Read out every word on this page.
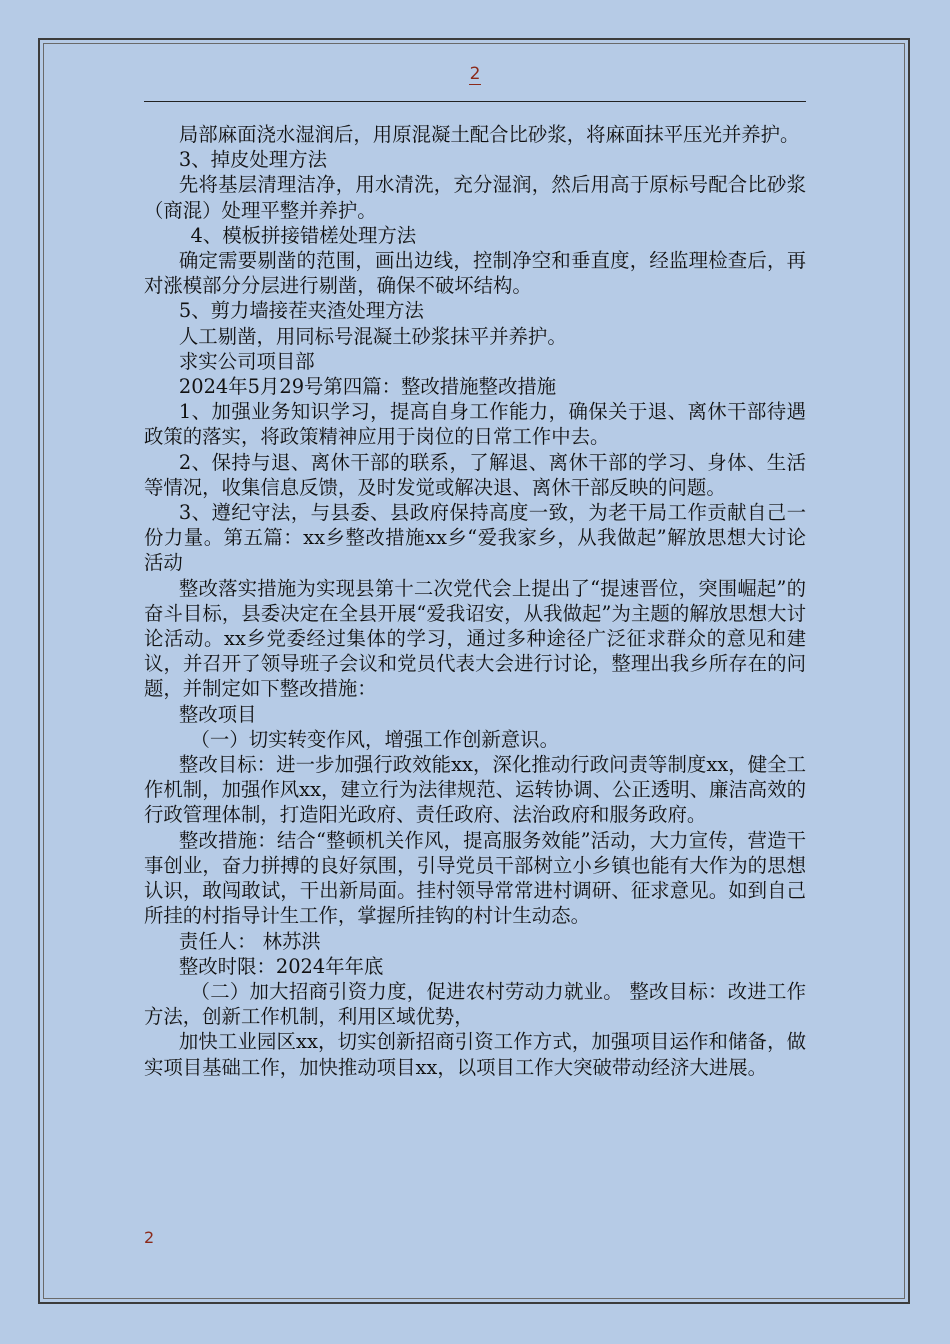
2

局部麻面浇水湿润后，用原混凝土配合比砂浆，将麻面抹平压光并养护。

3、掉皮处理方法

先将基层清理洁净，用水清洗，充分湿润，然后用高于原标号配合比砂浆（商混）处理平整并养护。

4、模板拼接错槎处理方法

确定需要剔凿的范围，画出边线，控制净空和垂直度，经监理检查后，再对涨模部分分层进行剔凿，确保不破坏结构。

5、剪力墙接茬夹渣处理方法

人工剔凿，用同标号混凝土砂浆抹平并养护。

求实公司项目部

2024年5月29号第四篇：整改措施整改措施

1、加强业务知识学习，提高自身工作能力，确保关于退、离休干部待遇政策的落实，将政策精神应用于岗位的日常工作中去。

2、保持与退、离休干部的联系，了解退、离休干部的学习、身体、生活等情况，收集信息反馈，及时发觉或解决退、离休干部反映的问题。

3、遵纪守法，与县委、县政府保持高度一致，为老干局工作贡献自己一份力量。第五篇：xx乡整改措施xx乡“爱我家乡，从我做起”解放思想大讨论活动

整改落实措施为实现县第十二次党代会上提出了“提速晋位，突围崛起”的奋斗目标，县委决定在全县开展“爱我诏安，从我做起”为主题的解放思想大讨论活动。xx乡党委经过集体的学习，通过多种途径广泛征求群众的意见和建议，并召开了领导班子会议和党员代表大会进行讨论，整理出我乡所存在的问题，并制定如下整改措施：

整改项目

（一）切实转变作风，增强工作创新意识。

整改目标：进一步加强行政效能xx，深化推动行政问责等制度xx，健全工作机制，加强作风xx，建立行为法律规范、运转协调、公正透明、廉洁高效的行政管理体制，打造阳光政府、责任政府、法治政府和服务政府。

整改措施：结合“整顿机关作风，提高服务效能”活动，大力宣传，营造干事创业，奋力拼搏的良好氛围，引导党员干部树立小乡镇也能有大作为的思想认识，敢闯敢试，干出新局面。挂村领导常常进村调研、征求意见。如到自己所挂的村指导计生工作，掌握所挂钩的村计生动态。

责任人： 林苏洪

整改时限：2024年年底

（二）加大招商引资力度，促进农村劳动力就业。 整改目标：改进工作方法，创新工作机制，利用区域优势，

加快工业园区xx，切实创新招商引资工作方式，加强项目运作和储备，做实项目基础工作，加快推动项目xx，以项目工作大突破带动经济大进展。

2
